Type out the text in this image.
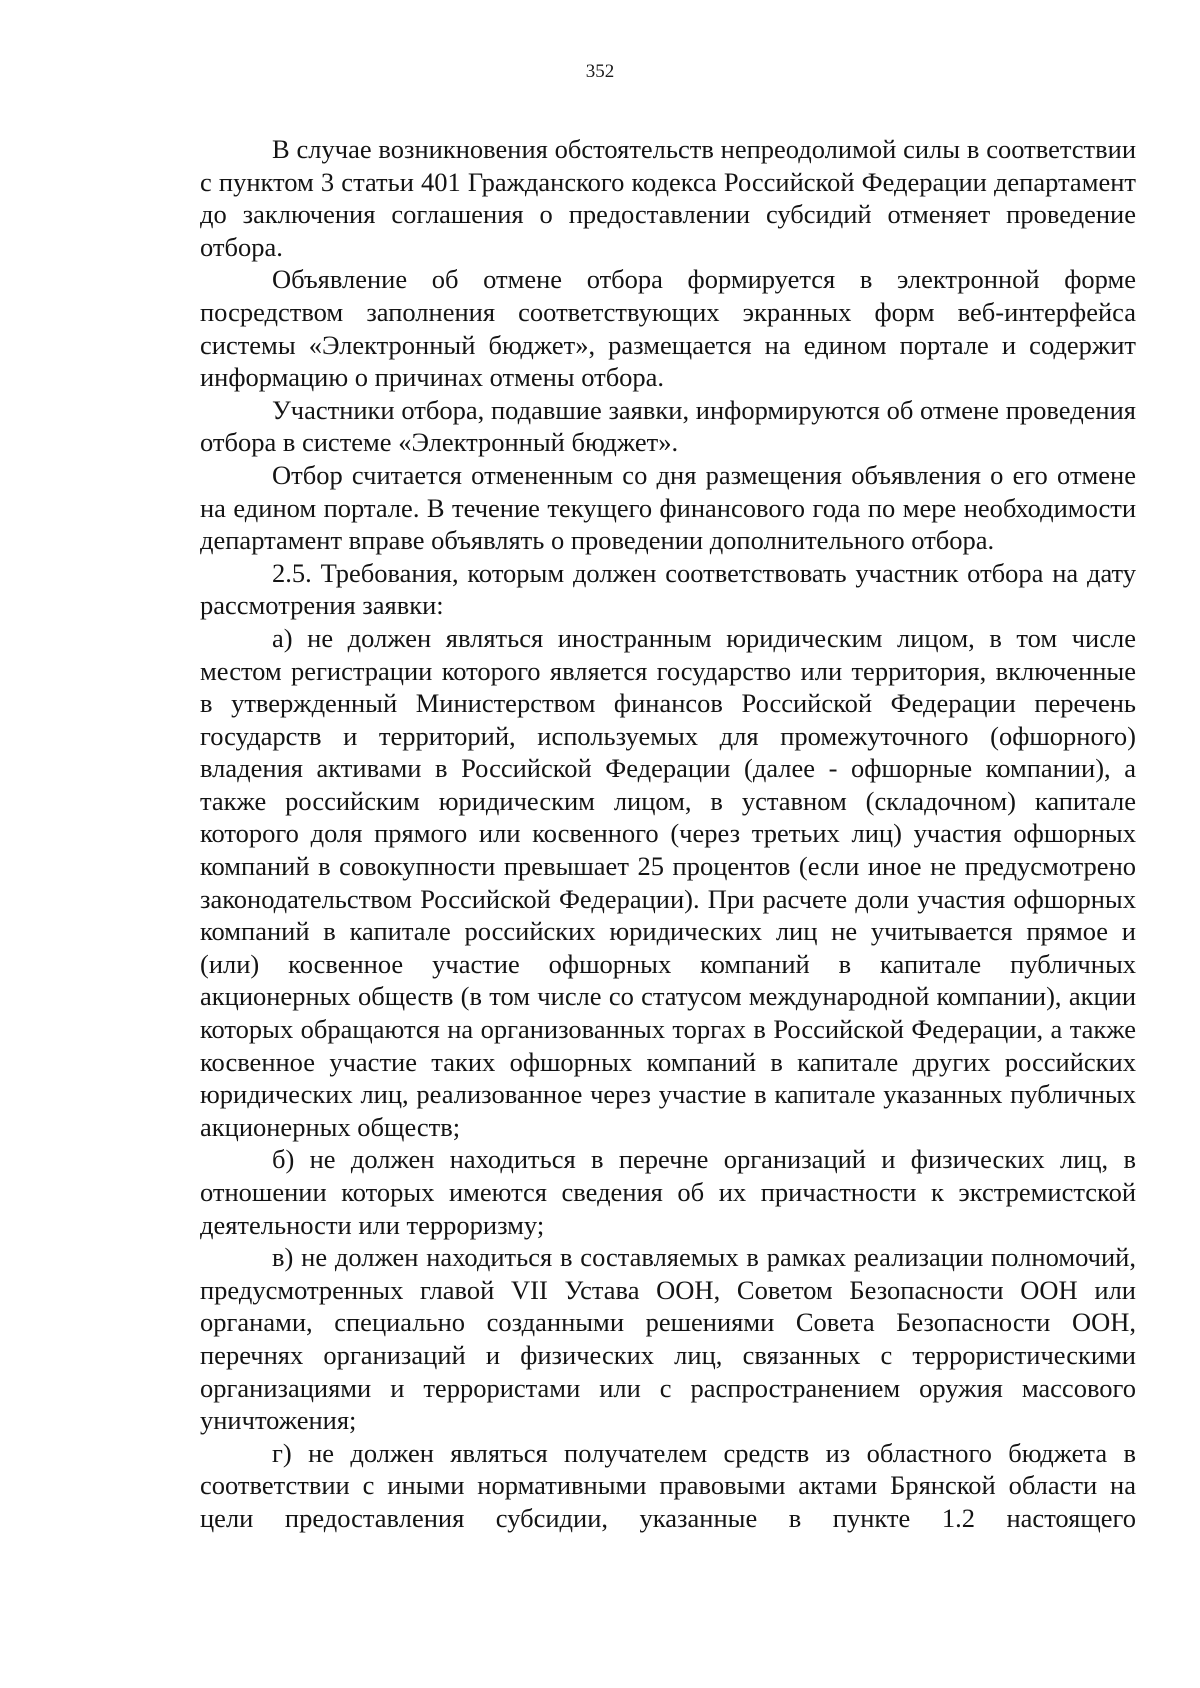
352

В случае возникновения обстоятельств непреодолимой силы в соответствии с пунктом 3 статьи 401 Гражданского кодекса Российской Федерации департамент до заключения соглашения о предоставлении субсидий отменяет проведение отбора.

Объявление об отмене отбора формируется в электронной форме посредством заполнения соответствующих экранных форм веб-интерфейса системы «Электронный бюджет», размещается на едином портале и содержит информацию о причинах отмены отбора.

Участники отбора, подавшие заявки, информируются об отмене проведения отбора в системе «Электронный бюджет».

Отбор считается отмененным со дня размещения объявления о его отмене на едином портале. В течение текущего финансового года по мере необходимости департамент вправе объявлять о проведении дополнительного отбора.

2.5. Требования, которым должен соответствовать участник отбора на дату рассмотрения заявки:

а) не должен являться иностранным юридическим лицом, в том числе местом регистрации которого является государство или территория, включенные в утвержденный Министерством финансов Российской Федерации перечень государств и территорий, используемых для промежуточного (офшорного) владения активами в Российской Федерации (далее - офшорные компании), а также российским юридическим лицом, в уставном (складочном) капитале которого доля прямого или косвенного (через третьих лиц) участия офшорных компаний в совокупности превышает 25 процентов (если иное не предусмотрено законодательством Российской Федерации). При расчете доли участия офшорных компаний в капитале российских юридических лиц не учитывается прямое и (или) косвенное участие офшорных компаний в капитале публичных акционерных обществ (в том числе со статусом международной компании), акции которых обращаются на организованных торгах в Российской Федерации, а также косвенное участие таких офшорных компаний в капитале других российских юридических лиц, реализованное через участие в капитале указанных публичных акционерных обществ;

б) не должен находиться в перечне организаций и физических лиц, в отношении которых имеются сведения об их причастности к экстремистской деятельности или терроризму;

в) не должен находиться в составляемых в рамках реализации полномочий, предусмотренных главой VII Устава ООН, Советом Безопасности ООН или органами, специально созданными решениями Совета Безопасности ООН, перечнях организаций и физических лиц, связанных с террористическими организациями и террористами или с распространением оружия массового уничтожения;

г) не должен являться получателем средств из областного бюджета в соответствии с иными нормативными правовыми актами Брянской области на цели предоставления субсидии, указанные в пункте 1.2 настоящего
